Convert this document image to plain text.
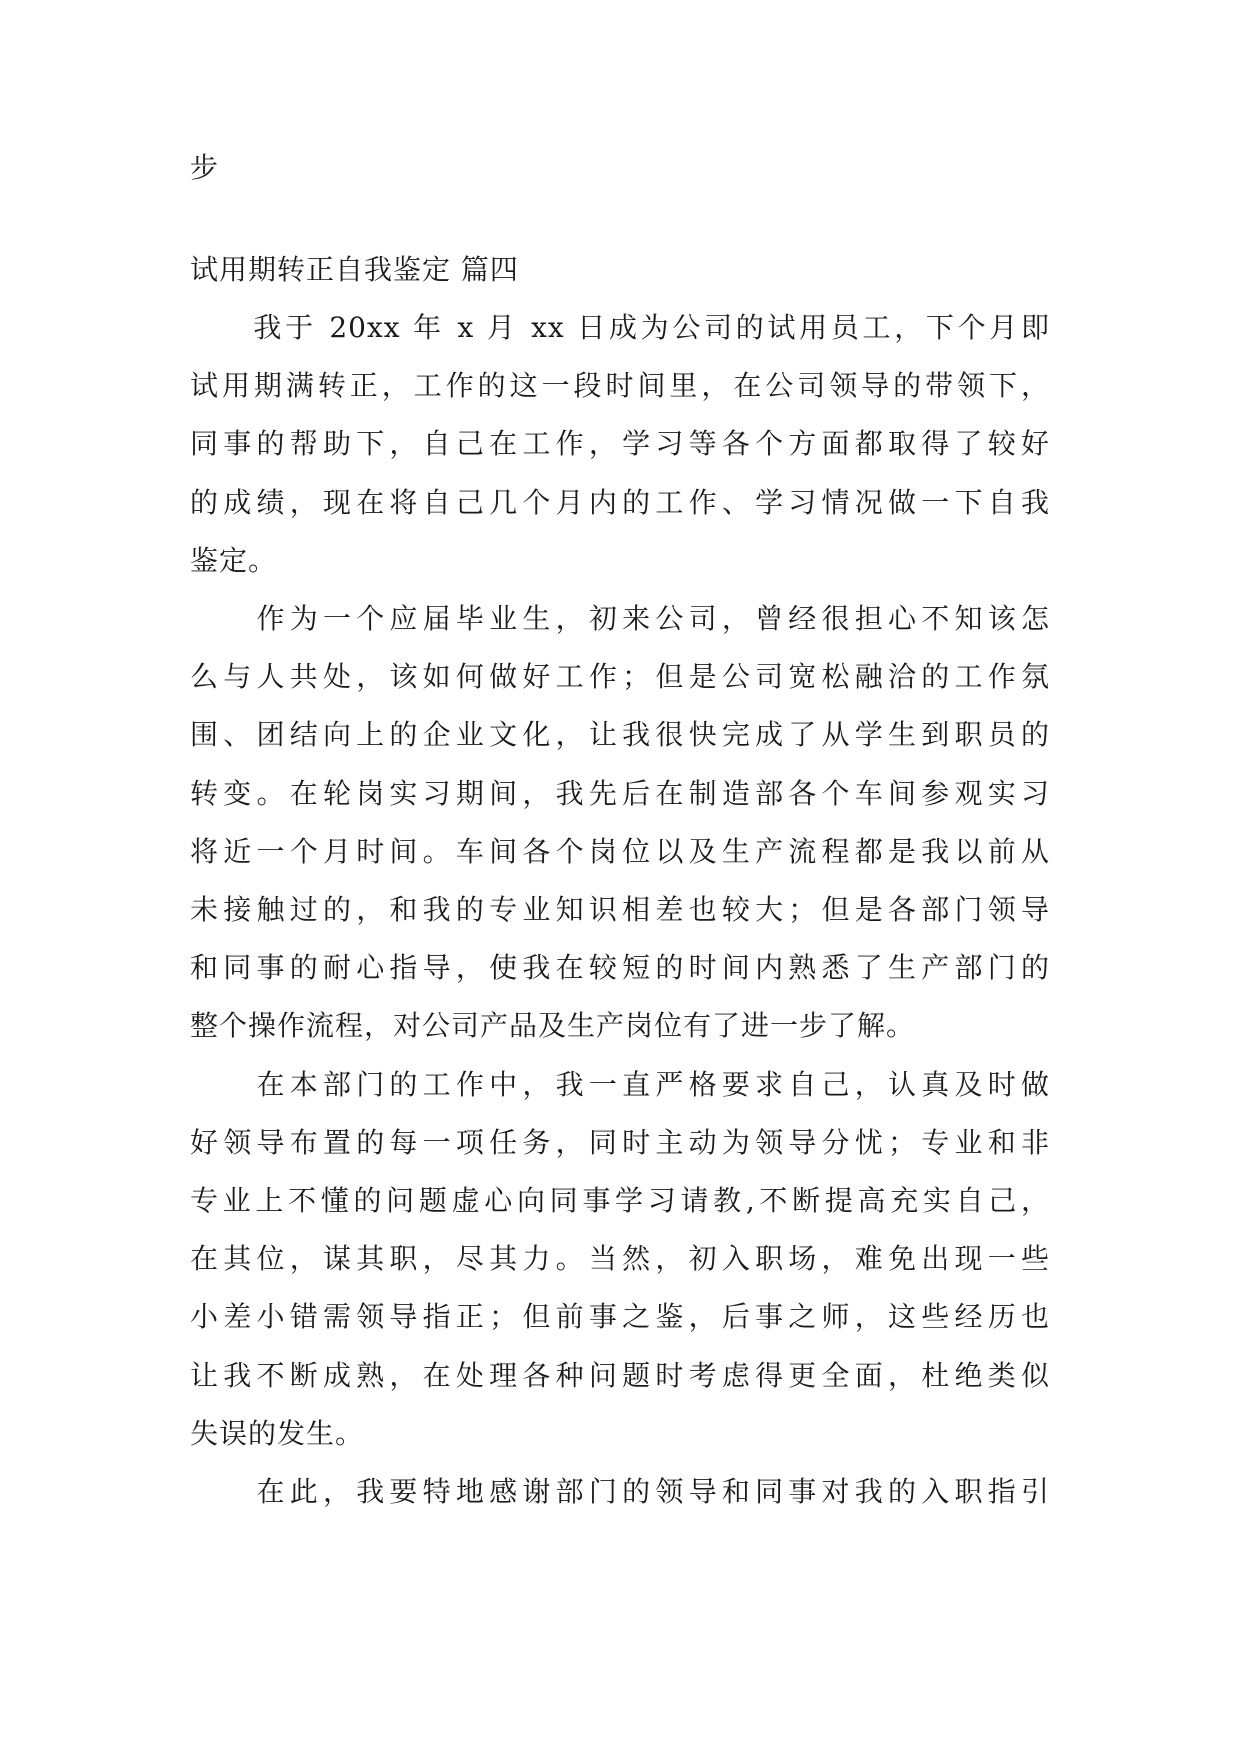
步
试用期转正自我鉴定 篇四
　　我于 20xx 年 x 月 xx 日成为公司的试用员工，下个月即
试用期满转正，工作的这一段时间里，在公司领导的带领下，
同事的帮助下，自己在工作，学习等各个方面都取得了较好
的成绩，现在将自己几个月内的工作、学习情况做一下自我
鉴定。
　　作为一个应届毕业生，初来公司，曾经很担心不知该怎
么与人共处，该如何做好工作；但是公司宽松融洽的工作氛
围、团结向上的企业文化，让我很快完成了从学生到职员的
转变。在轮岗实习期间，我先后在制造部各个车间参观实习
将近一个月时间。车间各个岗位以及生产流程都是我以前从
未接触过的，和我的专业知识相差也较大；但是各部门领导
和同事的耐心指导，使我在较短的时间内熟悉了生产部门的
整个操作流程，对公司产品及生产岗位有了进一步了解。
　　在本部门的工作中，我一直严格要求自己，认真及时做
好领导布置的每一项任务，同时主动为领导分忧；专业和非
专业上不懂的问题虚心向同事学习请教,不断提高充实自己，
在其位，谋其职，尽其力。当然，初入职场，难免出现一些
小差小错需领导指正；但前事之鉴，后事之师，这些经历也
让我不断成熟，在处理各种问题时考虑得更全面，杜绝类似
失误的发生。
　　在此，我要特地感谢部门的领导和同事对我的入职指引
